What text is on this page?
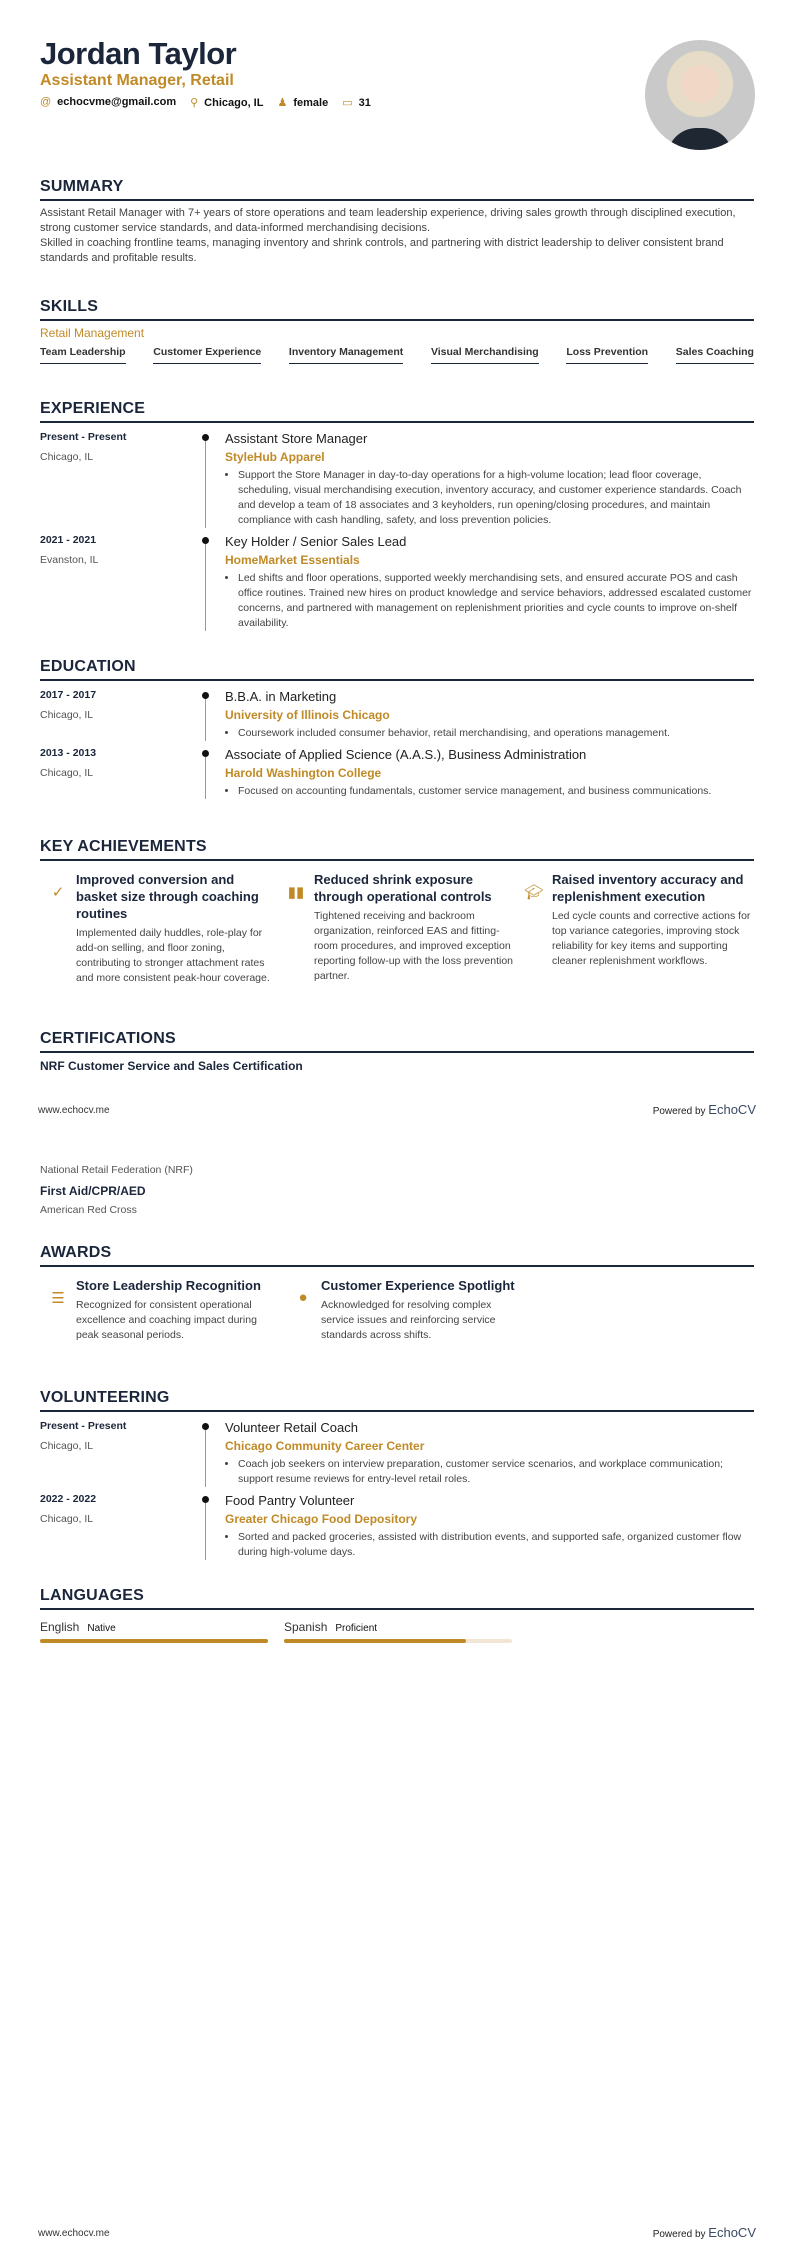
Jordan Taylor
Assistant Manager, Retail
@ echocvme@gmail.com ⚲ Chicago, IL ♟ female ▭ 31
SUMMARY

Assistant Retail Manager with 7+ years of store operations and team leadership experience, driving sales growth through disciplined execution, strong customer service standards, and data-informed merchandising decisions.

Skilled in coaching frontline teams, managing inventory and shrink controls, and partnering with district leadership to deliver consistent brand standards and profitable results.

SKILLS
Retail Management
Team Leadership	Customer Experience	Inventory Management	Visual Merchandising	Loss Prevention	Sales Coaching
EXPERIENCE
Present - Present
Chicago, IL
Assistant Store Manager
StyleHub Apparel
• Support the Store Manager in day-to-day operations for a high-volume location; lead floor coverage, scheduling, visual merchandising execution, inventory accuracy, and customer experience standards. Coach and develop a team of 18 associates and 3 keyholders, run opening/closing procedures, and maintain compliance with cash handling, safety, and loss prevention policies.
2021 - 2021
Evanston, IL
Key Holder / Senior Sales Lead
HomeMarket Essentials
• Led shifts and floor operations, supported weekly merchandising sets, and ensured accurate POS and cash office routines. Trained new hires on product knowledge and service behaviors, addressed escalated customer concerns, and partnered with management on replenishment priorities and cycle counts to improve on-shelf availability.
EDUCATION
2017 - 2017
Chicago, IL
B.B.A. in Marketing
University of Illinois Chicago
• Coursework included consumer behavior, retail merchandising, and operations management.
2013 - 2013
Chicago, IL
Associate of Applied Science (A.A.S.), Business Administration
Harold Washington College
• Focused on accounting fundamentals, customer service management, and business communications.
KEY ACHIEVEMENTS
✓
Improved conversion and basket size through coaching routines

Implemented daily huddles, role-play for add-on selling, and floor zoning, contributing to stronger attachment rates and more consistent peak-hour coverage.

▮▮
Reduced shrink exposure through operational controls

Tightened receiving and backroom organization, reinforced EAS and fitting-room procedures, and improved exception reporting follow-up with the loss prevention partner.

🎓︎
Raised inventory accuracy and replenishment execution

Led cycle counts and corrective actions for top variance categories, improving stock reliability for key items and supporting cleaner replenishment workflows.

CERTIFICATIONS
NRF Customer Service and Sales Certification
www.echocv.me	Powered by EchoCV
National Retail Federation (NRF)
First Aid/CPR/AED
American Red Cross
AWARDS
☰
Store Leadership Recognition

Recognized for consistent operational excellence and coaching impact during peak seasonal periods.

●
Customer Experience Spotlight

Acknowledged for resolving complex service issues and reinforcing service standards across shifts.

VOLUNTEERING
Present - Present
Chicago, IL
Volunteer Retail Coach
Chicago Community Career Center
• Coach job seekers on interview preparation, customer service scenarios, and workplace communication; support resume reviews for entry-level retail roles.
2022 - 2022
Chicago, IL
Food Pantry Volunteer
Greater Chicago Food Depository
• Sorted and packed groceries, assisted with distribution events, and supported safe, organized customer flow during high-volume days.
LANGUAGES
English Native	Spanish Proficient
www.echocv.me	Powered by EchoCV
